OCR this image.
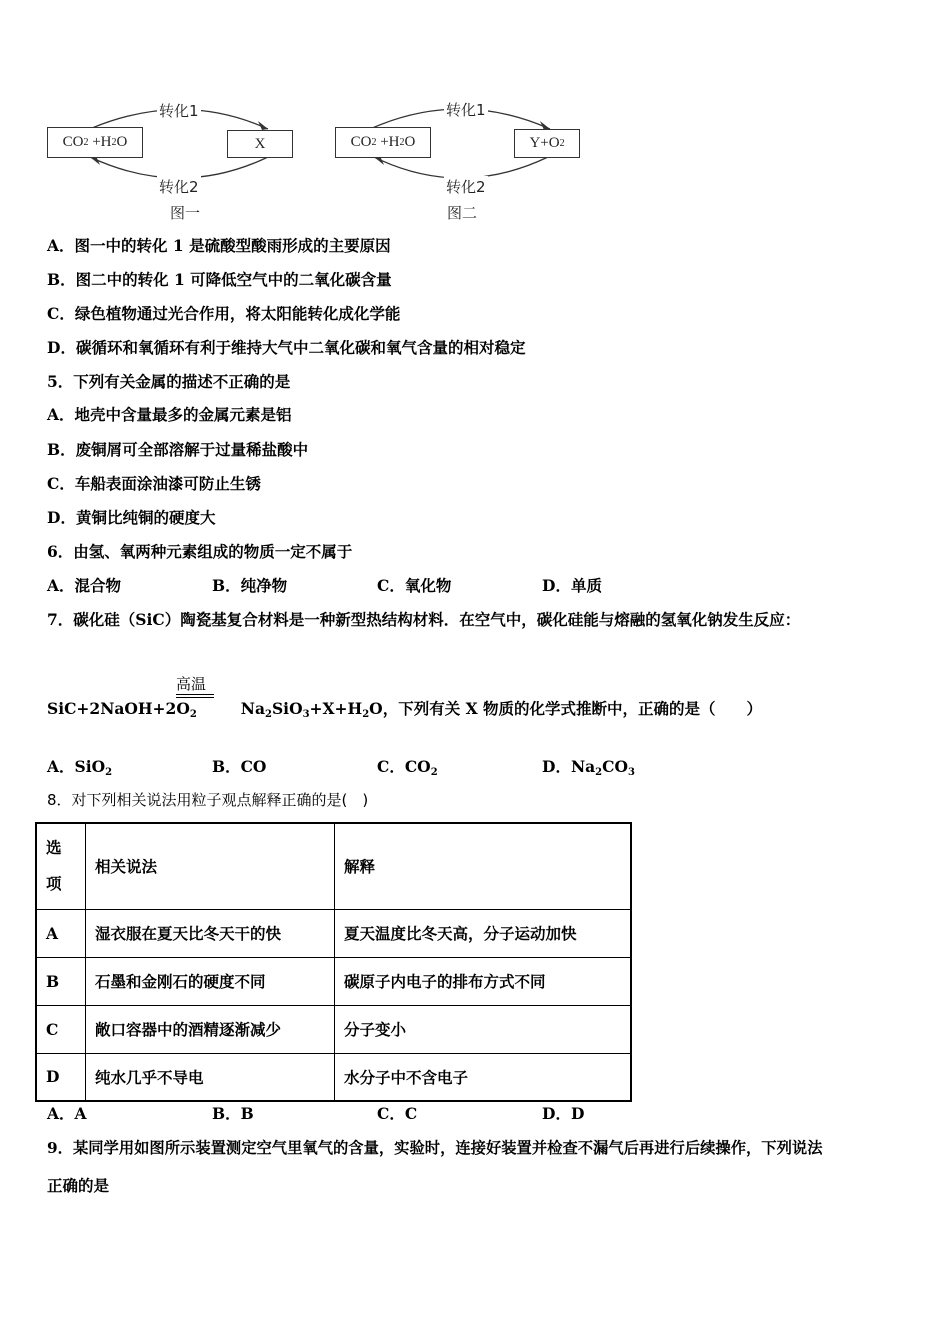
CO 2 +H 2 O	X
转化1
转化2
图一
CO 2 +H 2 O	Y+O 2
转化1
转化2
图二
A．图一中的转化 1 是硫酸型酸雨形成的主要原因
B．图二中的转化 1 可降低空气中的二氧化碳含量
C．绿色植物通过光合作用，将太阳能转化成化学能
D．碳循环和氧循环有利于维持大气中二氧化碳和氧气含量的相对稳定
5．下列有关金属的描述不正确的是
A．地壳中含量最多的金属元素是铝
B．废铜屑可全部溶解于过量稀盐酸中
C．车船表面涂油漆可防止生锈
D．黄铜比纯铜的硬度大
6．由氢、氧两种元素组成的物质一定不属于
A．混合物	B．纯净物	C．氧化物	D．单质
7．碳化硅（SiC）陶瓷基复合材料是一种新型热结构材料．在空气中，碳化硅能与熔融的氢氧化钠发生反应：
高温
$SiC+2NaOH+2O_2$	$Na_2SiO_3+X+H_2O$，下列有关 X 物质的化学式推断中，正确的是（　　）
A．SiO$_2$	B．CO	C．$CO_2$	D．$Na_2CO_3$
8．对下列相关说法用粒子观点解释正确的是(　)
选
项	相关说法	解释
A	湿衣服在夏天比冬天干的快	夏天温度比冬天高，分子运动加快
B	石墨和金刚石的硬度不同	碳原子内电子的排布方式不同
C	敞口容器中的酒精逐渐减少	分子变小
D	纯水几乎不导电	水分子中不含电子
A．A	B．B	C．C	D．D
9．某同学用如图所示装置测定空气里氧气的含量，实验时，连接好装置并检查不漏气后再进行后续操作，下列说法
正确的是
